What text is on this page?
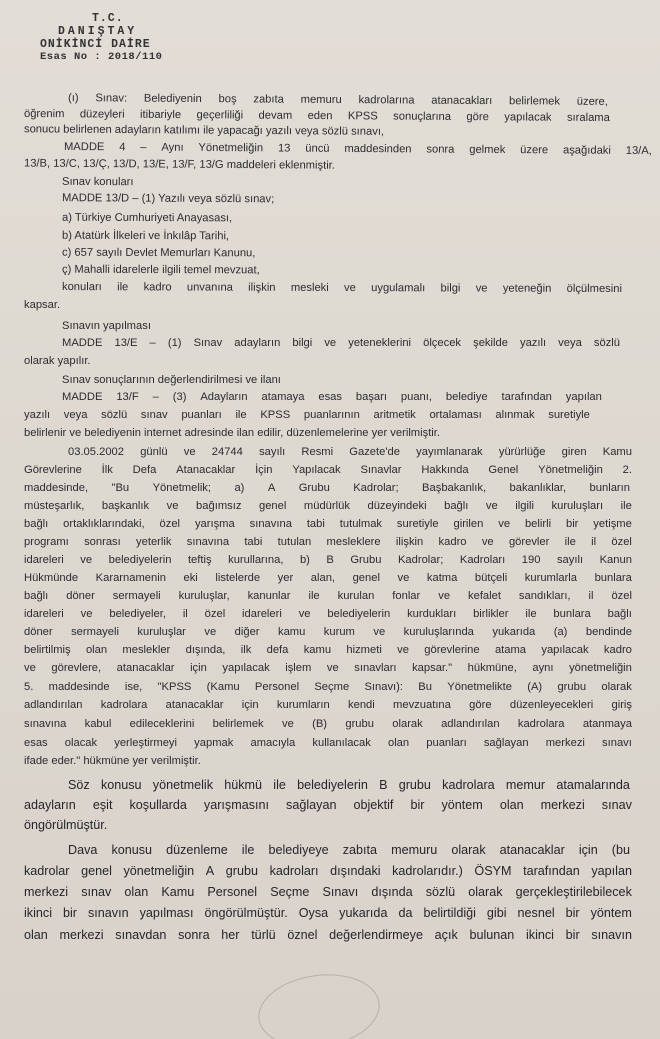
T.C.
DANIŞTAY
ONİKİNCİ DAİRE
Esas No : 2018/110
(ı) Sınav: Belediyenin boş zabıta memuru kadrolarına atanacakları belirlemek üzere,
öğrenim düzeyleri itibariyle geçerliliği devam eden KPSS sonuçlarına göre yapılacak sıralama
sonucu belirlenen adayların katılımı ile yapacağı yazılı veya sözlü sınavı,
MADDE 4 – Aynı Yönetmeliğin 13 üncü maddesinden sonra gelmek üzere aşağıdaki 13/A,
13/B, 13/C, 13/Ç, 13/D, 13/E, 13/F, 13/G maddeleri eklenmiştir.
Sınav konuları
MADDE 13/D – (1) Yazılı veya sözlü sınav;
a) Türkiye Cumhuriyeti Anayasası,
b) Atatürk İlkeleri ve İnkılâp Tarihi,
c) 657 sayılı Devlet Memurları Kanunu,
ç) Mahalli idarelerle ilgili temel mevzuat,
konuları ile kadro unvanına ilişkin mesleki ve uygulamalı bilgi ve yeteneğin ölçülmesini
kapsar.
Sınavın yapılması
MADDE 13/E – (1) Sınav adayların bilgi ve yeteneklerini ölçecek şekilde yazılı veya sözlü
olarak yapılır.
Sınav sonuçlarının değerlendirilmesi ve ilanı
MADDE 13/F – (3) Adayların atamaya esas başarı puanı, belediye tarafından yapılan
yazılı veya sözlü sınav puanları ile KPSS puanlarının aritmetik ortalaması alınmak suretiyle
belirlenir ve belediyenin internet adresinde ilan edilir, düzenlemelerine yer verilmiştir.
03.05.2002 günlü ve 24744 sayılı Resmi Gazete'de yayımlanarak yürürlüğe giren Kamu
Görevlerine İlk Defa Atanacaklar İçin Yapılacak Sınavlar Hakkında Genel Yönetmeliğin 2.
maddesinde, "Bu Yönetmelik; a) A Grubu Kadrolar; Başbakanlık, bakanlıklar, bunların
müsteşarlık, başkanlık ve bağımsız genel müdürlük düzeyindeki bağlı ve ilgili kuruluşları ile
bağlı ortaklıklarındaki, özel yarışma sınavına tabi tutulmak suretiyle girilen ve belirli bir yetişme
programı sonrası yeterlik sınavına tabi tutulan mesleklere ilişkin kadro ve görevler ile il özel
idareleri ve belediyelerin teftiş kurullarına, b) B Grubu Kadrolar; Kadroları 190 sayılı Kanun
Hükmünde Kararnamenin eki listelerde yer alan, genel ve katma bütçeli kurumlarla bunlara
bağlı döner sermayeli kuruluşlar, kanunlar ile kurulan fonlar ve kefalet sandıkları, il özel
idareleri ve belediyeler, il özel idareleri ve belediyelerin kurdukları birlikler ile bunlara bağlı
döner sermayeli kuruluşlar ve diğer kamu kurum ve kuruluşlarında yukarıda (a) bendinde
belirtilmiş olan meslekler dışında, ilk defa kamu hizmeti ve görevlerine atama yapılacak kadro
ve görevlere, atanacaklar için yapılacak işlem ve sınavları kapsar." hükmüne, aynı yönetmeliğin
5. maddesinde ise, "KPSS (Kamu Personel Seçme Sınavı): Bu Yönetmelikte (A) grubu olarak
adlandırılan kadrolara atanacaklar için kurumların kendi mevzuatına göre düzenleyecekleri giriş
sınavına kabul edileceklerini belirlemek ve (B) grubu olarak adlandırılan kadrolara atanmaya
esas olacak yerleştirmeyi yapmak amacıyla kullanılacak olan puanları sağlayan merkezi sınavı
ifade eder." hükmüne yer verilmiştir.
Söz konusu yönetmelik hükmü ile belediyelerin B grubu kadrolara memur atamalarında
adayların eşit koşullarda yarışmasını sağlayan objektif bir yöntem olan merkezi sınav
öngörülmüştür.
Dava konusu düzenleme ile belediyeye zabıta memuru olarak atanacaklar için (bu
kadrolar genel yönetmeliğin A grubu kadroları dışındaki kadrolarıdır.) ÖSYM tarafından yapılan
merkezi sınav olan Kamu Personel Seçme Sınavı dışında sözlü olarak gerçekleştirilebilecek
ikinci bir sınavın yapılması öngörülmüştür. Oysa yukarıda da belirtildiği gibi nesnel bir yöntem
olan merkezi sınavdan sonra her türlü öznel değerlendirmeye açık bulunan ikinci bir sınavın
